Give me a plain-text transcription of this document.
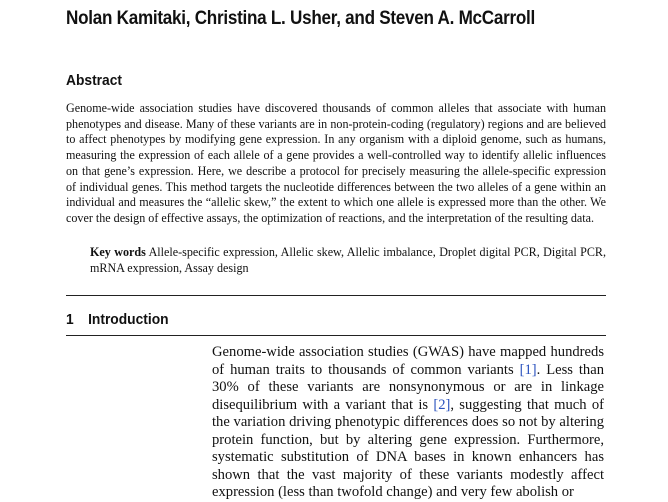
Nolan Kamitaki, Christina L. Usher, and Steven A. McCarroll
Abstract

Genome-wide association studies have discovered thousands of common alleles that associate with human phenotypes and disease. Many of these variants are in non-protein-coding (regulatory) regions and are believed to affect phenotypes by modifying gene expression. In any organism with a diploid genome, such as humans, measuring the expression of each allele of a gene provides a well-controlled way to identify allelic influences on that gene’s expression. Here, we describe a protocol for precisely measuring the allele-specific expression of individual genes. This method targets the nucleotide differences between the two alleles of a gene within an individual and measures the “allelic skew,” the extent to which one allele is expressed more than the other. We cover the design of effective assays, the optimization of reactions, and the interpretation of the resulting data.

Key words Allele-specific expression, Allelic skew, Allelic imbalance, Droplet digital PCR, Digital PCR, mRNA expression, Assay design

1 Introduction

Genome-wide association studies (GWAS) have mapped hundreds of human traits to thousands of common variants [1]. Less than 30% of these variants are nonsynonymous or are in linkage disequilibrium with a variant that is [2], suggesting that much of the variation driving phenotypic differences does so not by altering protein function, but by altering gene expression. Furthermore, systematic substitution of DNA bases in known enhancers has shown that the vast majority of these variants modestly affect expression (less than twofold change) and very few abolish or
